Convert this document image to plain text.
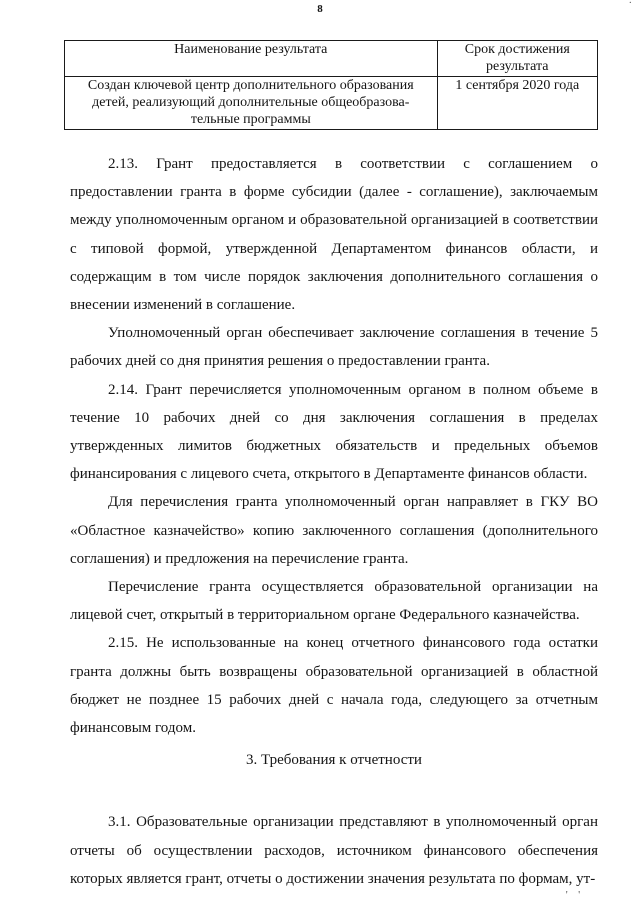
8	·
Наименование результата	Срок достижения результата
Создан ключевой центр дополнительного образования детей, реализующий дополнительные общеобразова-тельные программы	1 сентября 2020 года

2.13. Грант предоставляется в соответствии с соглашением о предоставлении гранта в форме субсидии (далее - соглашение), заключаемым между уполномоченным органом и образовательной организацией в соответствии с типовой формой, утвержденной Департаментом финансов области, и содержащим в том числе порядок заключения дополнительного соглашения о внесении изменений в соглашение.

Уполномоченный орган обеспечивает заключение соглашения в течение 5 рабочих дней со дня принятия решения о предоставлении гранта.

2.14. Грант перечисляется уполномоченным органом в полном объеме в течение 10 рабочих дней со дня заключения соглашения в пределах утвержденных лимитов бюджетных обязательств и предельных объемов финансирования с лицевого счета, открытого в Департаменте финансов области.

Для перечисления гранта уполномоченный орган направляет в ГКУ ВО «Областное казначейство» копию заключенного соглашения (дополнительного соглашения) и предложения на перечисление гранта.

Перечисление гранта осуществляется образовательной организации на лицевой счет, открытый в территориальном органе Федерального казначейства.

2.15. Не использованные на конец отчетного финансового года остатки гранта должны быть возвращены образовательной организацией в областной бюджет не позднее 15 рабочих дней с начала года, следующего за отчетным финансовым годом.

3. Требования к отчетности

3.1. Образовательные организации представляют в уполномоченный орган отчеты об осуществлении расходов, источником финансового обеспечения которых является грант, отчеты о достижении значения результата по формам, ут-

' '
